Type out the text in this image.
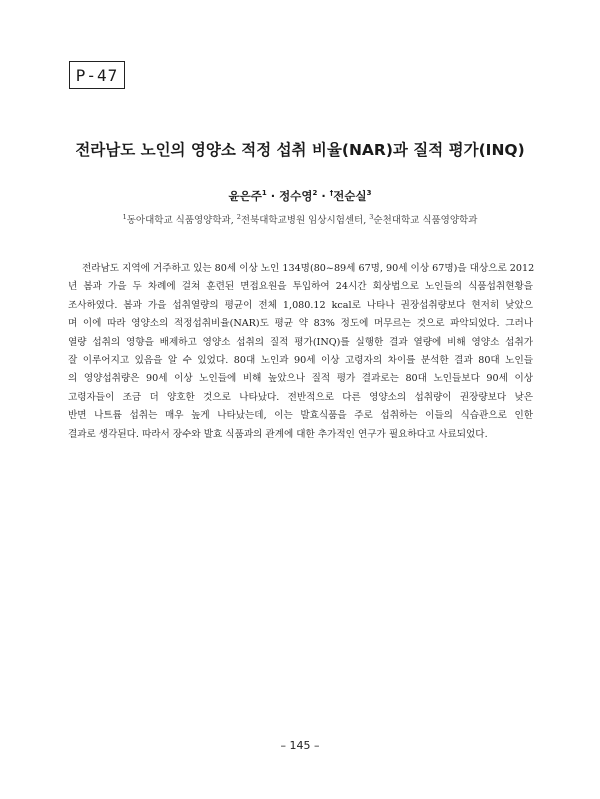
P-47
전라남도 노인의 영양소 적정 섭취 비율(NAR)과 질적 평가(INQ)
윤은주$^1$ · 정수영$^2$ · †전순실$^3$
$^1$동아대학교 식품영양학과, $^2$전북대학교병원 임상시험센터, $^3$순천대학교 식품영양학과
전라남도 지역에 거주하고 있는 80세 이상 노인 134명(80~89세 67명, 90세 이상 67명)을 대상으로 2012
년 봄과 가을 두 차례에 걸쳐 훈련된 면접요원을 투입하여 24시간 회상법으로 노인들의 식품섭취현황을
조사하였다. 봄과 가을 섭취열량의 평균이 전체 1,080.12 kcal로 나타나 권장섭취량보다 현저히 낮았으
며 이에 따라 영양소의 적정섭취비율(NAR)도 평균 약 83% 정도에 머무르는 것으로 파악되었다. 그러나
열량 섭취의 영향을 배제하고 영양소 섭취의 질적 평가(INQ)를 실행한 결과 열량에 비해 영양소 섭취가
잘 이루어지고 있음을 알 수 있었다. 80대 노인과 90세 이상 고령자의 차이를 분석한 결과 80대 노인들
의 영양섭취량은 90세 이상 노인들에 비해 높았으나 질적 평가 결과로는 80대 노인들보다 90세 이상
고령자들이 조금 더 양호한 것으로 나타났다. 전반적으로 다른 영양소의 섭취량이 권장량보다 낮은
반면 나트륨 섭취는 매우 높게 나타났는데, 이는 발효식품을 주로 섭취하는 이들의 식습관으로 인한
결과로 생각된다. 따라서 장수와 발효 식품과의 관계에 대한 추가적인 연구가 필요하다고 사료되었다.
– 145 –
